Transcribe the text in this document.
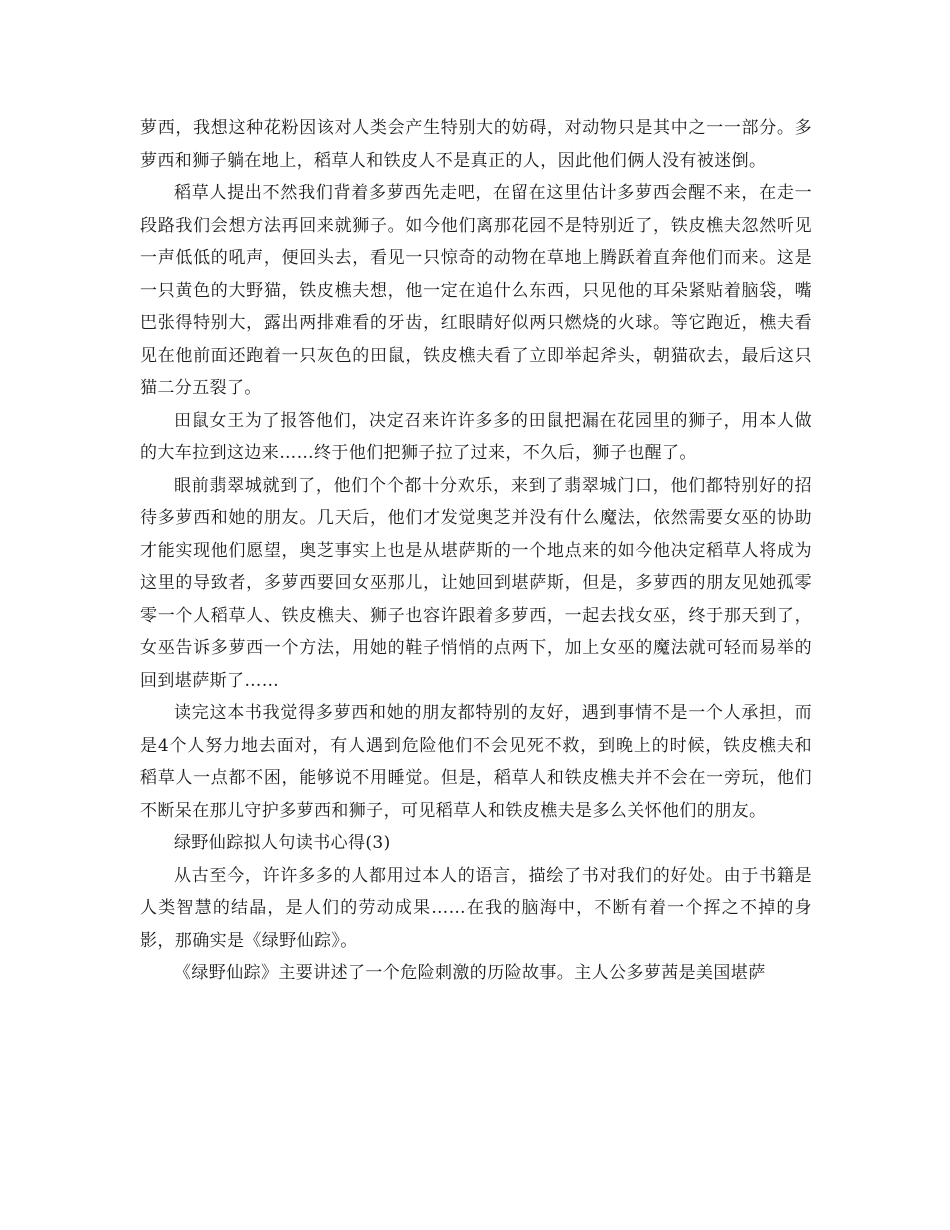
萝西，我想这种花粉因该对人类会产生特别大的妨碍，对动物只是其中之一一部分。多萝西和狮子躺在地上，稻草人和铁皮人不是真正的人，因此他们俩人没有被迷倒。

稻草人提出不然我们背着多萝西先走吧，在留在这里估计多萝西会醒不来，在走一段路我们会想方法再回来就狮子。如今他们离那花园不是特别近了，铁皮樵夫忽然听见一声低低的吼声，便回头去，看见一只惊奇的动物在草地上腾跃着直奔他们而来。这是一只黄色的大野猫，铁皮樵夫想，他一定在追什么东西，只见他的耳朵紧贴着脑袋，嘴巴张得特别大，露出两排难看的牙齿，红眼睛好似两只燃烧的火球。等它跑近，樵夫看见在他前面还跑着一只灰色的田鼠，铁皮樵夫看了立即举起斧头，朝猫砍去，最后这只猫二分五裂了。

田鼠女王为了报答他们，决定召来许许多多的田鼠把漏在花园里的狮子，用本人做的大车拉到这边来……终于他们把狮子拉了过来，不久后，狮子也醒了。

眼前翡翠城就到了，他们个个都十分欢乐，来到了翡翠城门口，他们都特别好的招待多萝西和她的朋友。几天后，他们才发觉奥芝并没有什么魔法，依然需要女巫的协助才能实现他们愿望，奥芝事实上也是从堪萨斯的一个地点来的如今他决定稻草人将成为这里的导致者，多萝西要回女巫那儿，让她回到堪萨斯，但是，多萝西的朋友见她孤零零一个人稻草人、铁皮樵夫、狮子也容许跟着多萝西，一起去找女巫，终于那天到了，女巫告诉多萝西一个方法，用她的鞋子悄悄的点两下，加上女巫的魔法就可轻而易举的回到堪萨斯了……

读完这本书我觉得多萝西和她的朋友都特别的友好，遇到事情不是一个人承担，而是4个人努力地去面对，有人遇到危险他们不会见死不救，到晚上的时候，铁皮樵夫和稻草人一点都不困，能够说不用睡觉。但是，稻草人和铁皮樵夫并不会在一旁玩，他们不断呆在那儿守护多萝西和狮子，可见稻草人和铁皮樵夫是多么关怀他们的朋友。

绿野仙踪拟人句读书心得(3)

从古至今，许许多多的人都用过本人的语言，描绘了书对我们的好处。由于书籍是人类智慧的结晶，是人们的劳动成果……在我的脑海中，不断有着一个挥之不掉的身影，那确实是《绿野仙踪》。

《绿野仙踪》主要讲述了一个危险刺激的历险故事。主人公多萝茜是美国堪萨
